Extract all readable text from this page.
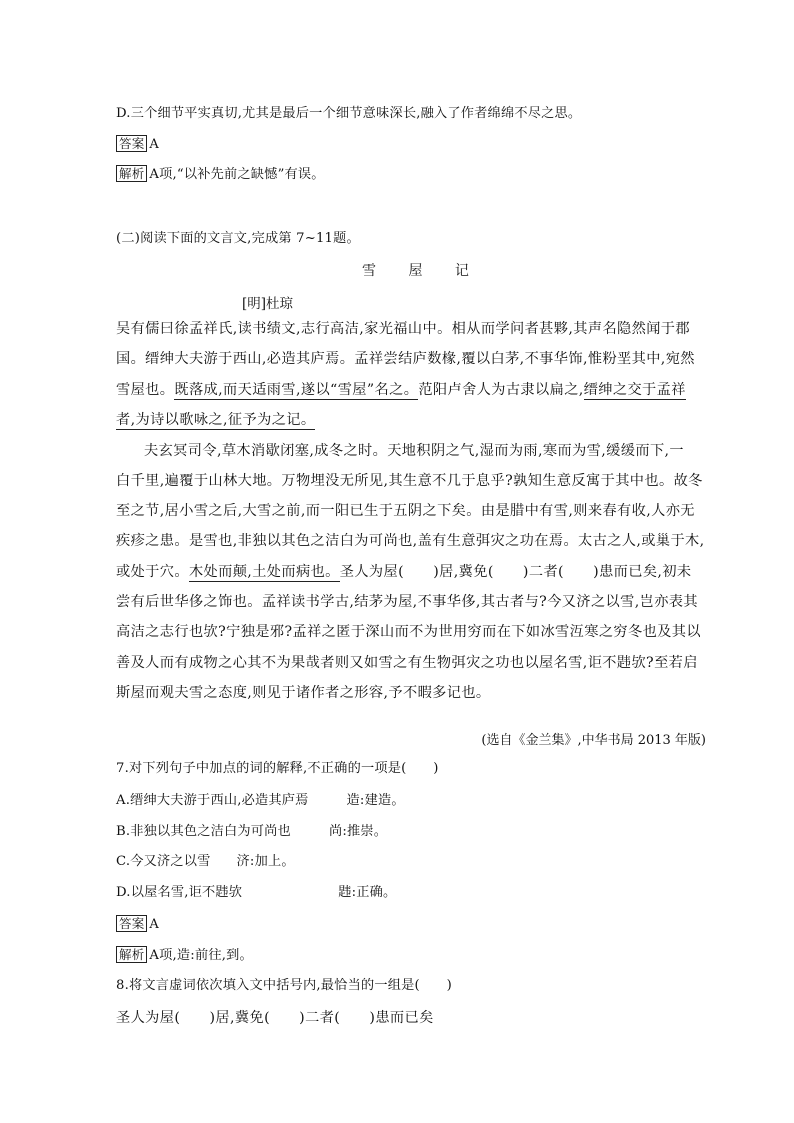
D.三个细节平实真切,尤其是最后一个细节意味深长,融入了作者绵绵不尽之思。
答案 A
解析 A项,“以补先前之缺憾”有误。
(二)阅读下面的文言文,完成第 7~11题。
雪 屋 记
[明]杜琼
吴有儒曰徐孟祥氏,读书绩文,志行高洁,家光福山中。相从而学问者甚夥,其声名隐然闻于郡
国。缙绅大夫游于西山,必造其庐焉。孟祥尝结庐数椽,覆以白茅,不事华饰,惟粉垩其中,宛然
雪屋也。既落成,而天适雨雪,遂以“雪屋”名之。范阳卢舍人为古隶以扁之,缙绅之交于孟祥
者,为诗以歌咏之,征予为之记。
夫玄冥司令,草木消歇闭塞,成冬之时。天地积阴之气,湿而为雨,寒而为雪,缓缓而下,一
白千里,遍覆于山林大地。万物埋没无所见,其生意不几于息乎?孰知生意反寓于其中也。故冬
至之节,居小雪之后,大雪之前,而一阳已生于五阴之下矣。由是腊中有雪,则来春有收,人亦无
疾疹之患。是雪也,非独以其色之洁白为可尚也,盖有生意弭灾之功在焉。太古之人,或巢于木,
或处于穴。木处而颠,土处而病也。圣人为屋(　　)居,冀免(　　)二者(　　)患而已矣,初未
尝有后世华侈之饰也。孟祥读书学古,结茅为屋,不事华侈,其古者与?今又济之以雪,岂亦表其
高洁之志行也欤?宁独是邪?孟祥之匿于深山而不为世用穷而在下如冰雪沍寒之穷冬也及其以
善及人而有成物之心其不为果哉者则又如雪之有生物弭灾之功也以屋名雪,讵不韪欤?至若启
斯屋而观夫雪之态度,则见于诸作者之形容,予不暇多记也。
(选自《金兰集》,中华书局 2013 年版)
7.对下列句子中加点的词的解释,不正确的一项是(　　)
A.缙绅大夫游于西山,必造其庐焉	造:建造。
B.非独以其色之洁白为可尚也	尚:推崇。
C.今又济之以雪 济:加上。
D.以屋名雪,讵不韪欤	韪:正确。
答案 A
解析 A项,造:前往,到。
8.将文言虚词依次填入文中括号内,最恰当的一组是(　　)
圣人为屋(　　)居,冀免(　　)二者(　　)患而已矣
